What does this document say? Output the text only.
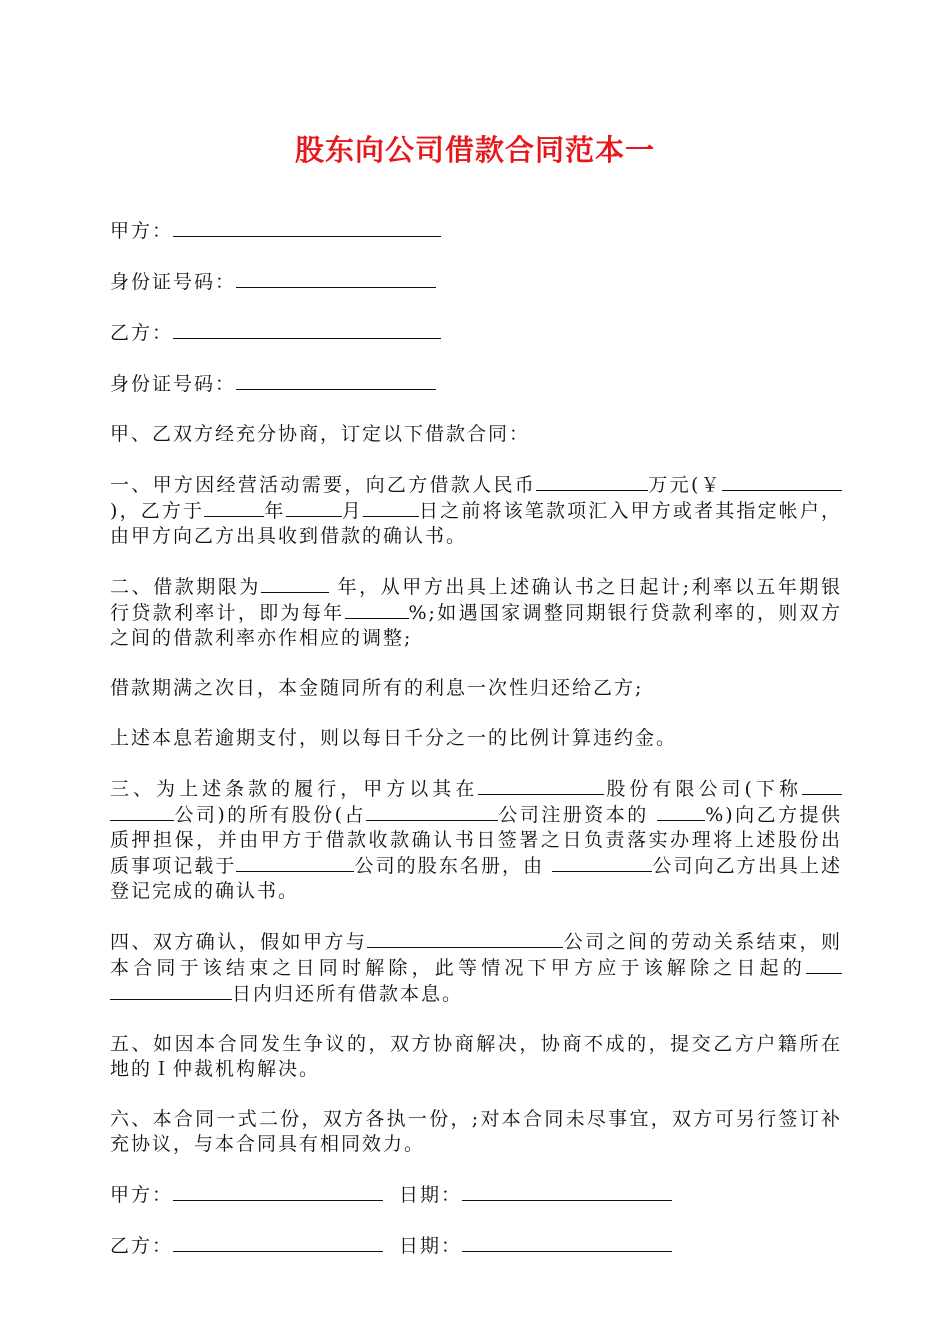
股东向公司借款合同范本一

甲方：

身份证号码：

乙方：

身份证号码：

甲、乙双方经充分协商，订定以下借款合同：

一、甲方因经营活动需要，向乙方借款人民币	万元(￥)，乙方于	年	月	日之前将该笔款项汇入甲方或者其指定帐户，由甲方向乙方出具收到借款的确认书。

二、借款期限为	年，从甲方出具上述确认书之日起计;利率以五年期银行贷款利率计，即为每年	%;如遇国家调整同期银行贷款利率的，则双方之间的借款利率亦作相应的调整;

借款期满之次日，本金随同所有的利息一次性归还给乙方;

上述本息若逾期支付，则以每日千分之一的比例计算违约金。

三、为上述条款的履行，甲方以其在	股份有限公司(下称公司)的所有股份(占	公司注册资本的	%)向乙方提供质押担保，并由甲方于借款收款确认书日签署之日负责落实办理将上述股份出质事项记载于	公司的股东名册，由	公司向乙方出具上述登记完成的确认书。

四、双方确认，假如甲方与	公司之间的劳动关系结束，则本合同于该结束之日同时解除，此等情况下甲方应于该解除之日起的日内归还所有借款本息。

五、如因本合同发生争议的，双方协商解决，协商不成的，提交乙方户籍所在地的Ｉ仲裁机构解决。

六、本合同一式二份，双方各执一份，;对本合同未尽事宜，双方可另行签订补充协议，与本合同具有相同效力。

甲方：	日期：

乙方：	日期：
